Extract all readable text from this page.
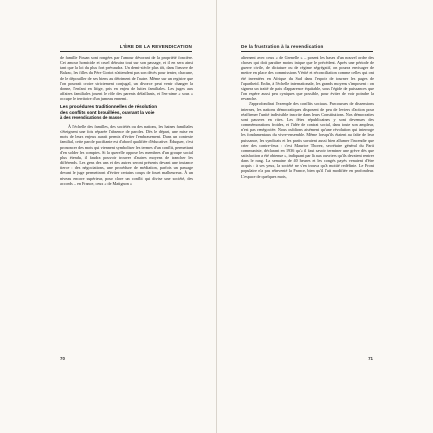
L'ÈRE DE LA REVENDICATION

de famille Fouan sont rongées par l'amour dévorant de la propriété foncière. Cet amour homicide et cruel détruira tout sur son passage, et il en sera ainsi tant que la loi du plus fort prévaudra. Un demi-siècle plus tôt, dans l'œuvre de Balzac, les filles du Père Goriot n'attendent pas son décès pour tenter, chacune, de le dépouiller de ses biens au détriment de l'autre. Même sur un registre que l'on pourrait croire strictement conjugal, un divorce peut venir changer la donne, l'enfant en litige, pris en enjeu de luttes familiales. Les juges aux affaires familiales jouent le rôle des parents défaillants, et l'en-aime « sous » occupe le territoire d'un jumeau ennemi.

Les procédures traditionnelles de résolution
des conflits sont brouillées, ouvrant la voie
à des revendications de masse

À l'échelle des familles, des sociétés ou des nations, les haines familiales s'éteignent une fois réparée l'absence de paroles. Dès le départ, une mise en mots de leurs enjeux aurait permis d'éviter l'embrasement. Dans un contexte familial, cette parole pacifiante est d'abord qualifiée d'éducative. Éduquer, c'est prononcer des mots qui viennent symboliser les termes d'un conflit, permettant d'en solder les comptes. Si la querelle oppose les membres d'un groupe social plus étendu, il faudra pouvoir trouver d'autres moyens de trancher les différends. Les gens des uns et des autres seront présents devant une instance tierce : des négociations, une procédure de médiation, parfois un passage devant le juge permettront d'éviter certains coups de fouet malheureux. À un niveau encore supérieur, pour clore un conflit qui divise une société, des accords – en France, ceux « de Matignon »

70
De la frustration à la revendication

alternent avec ceux « de Grenelle » – posent les bases d'un nouvel ordre des choses qui doit paraître moins inique que le précédent. Après une période de guerre civile, de dictature ou de régime ségrégatif, on pourra envisager de mettre en place des commissions Vérité et réconciliation comme celles qui ont été inventées en Afrique du Sud dans l'espoir de tourner les pages de l'apartheid. Enfin, à l'échelle internationale, les grands moyens s'imposent : on signera un traité de paix d'apparence équitable, sous l'égide de puissances que l'on espère aussi peu cyniques que possible, pour éviter de voir poindre la revanche.

J'approfondirai l'exemple des conflits sociaux. Parcourues de dissensions internes, les nations démocratiques disposent de peu de leviers d'action pour réaffirmer l'unité indivisible inscrite dans leurs Constitutions. Nos démocraties sont pauvres en rites. Les fêtes républicaines y sont devenues des commémorations froides, et l'idée de contrat social, dans toute son ampleur, n'est pas renégociée. Nous oublions aisément qu'une révolution qui interroge les fondamentaux du vivre-ensemble. Même lorsqu'ils étaient au faîte de leur puissance, les syndicats et les partis savaient aussi bien allumer l'incendie que crier des contre-feux : c'est Maurice Thorez, secrétaire général du Parti communiste, déclarant en 1936 qu'« il faut savoir terminer une grève dès que satisfaction a été obtenue », indiquant par là aux ouvriers qu'ils devaient rentrer dans le rang. La semaine de 40 heures et les congés payés venaient d'être acquis : à ses yeux, la société ne s'en trouva qu'à moitié redéfinie. Le Front populaire n'a pas réinventé la France, bien qu'il l'ait modifiée en profondeur. L'espace de quelques mois,

71
